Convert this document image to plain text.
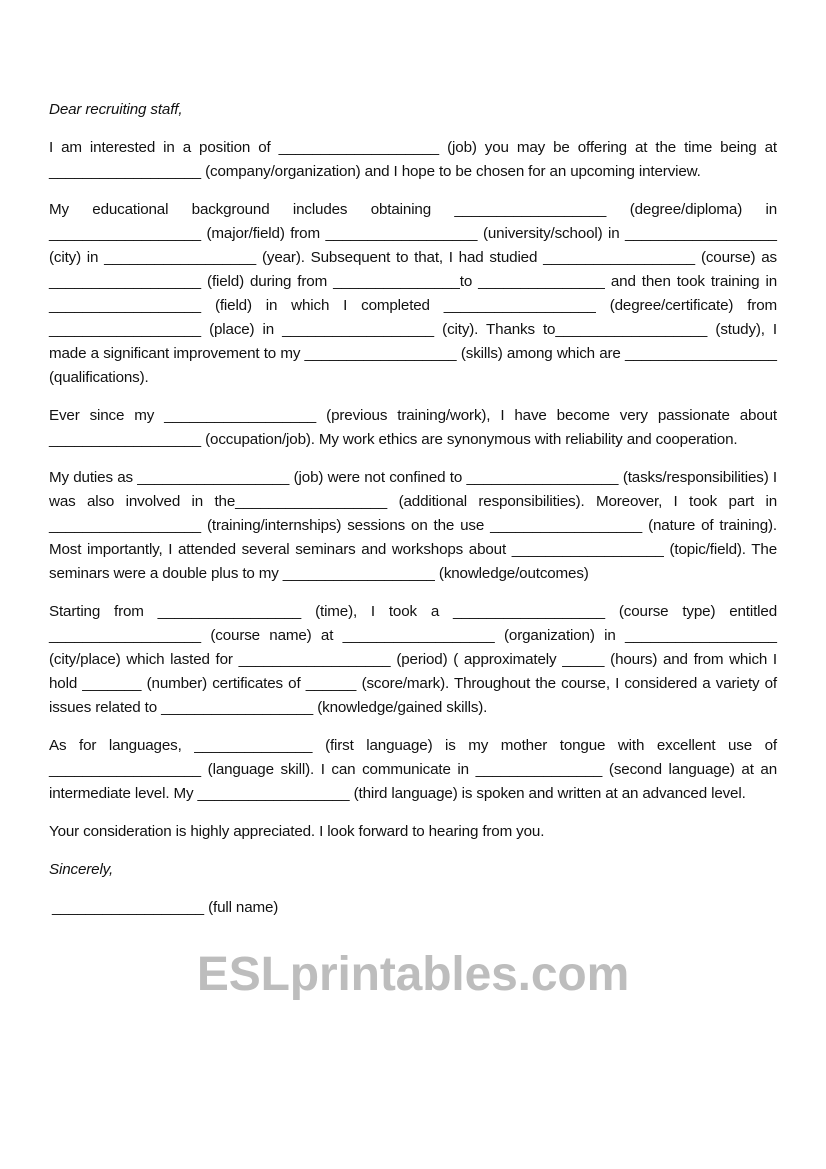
Dear recruiting staff,

I am interested in a position of ___________________ (job) you may be offering at the time being at __________________ (company/organization) and I hope to be chosen for an upcoming interview.

My educational background includes obtaining __________________ (degree/diploma) in __________________ (major/field) from __________________ (university/school) in __________________ (city) in __________________ (year). Subsequent to that, I had studied __________________ (course) as __________________ (field) during from _______________to _______________ and then took training in __________________ (field) in which I completed __________________ (degree/certificate) from __________________ (place) in __________________ (city). Thanks to__________________ (study), I made a significant improvement to my __________________ (skills) among which are __________________ (qualifications).

Ever since my __________________ (previous training/work), I have become very passionate about __________________ (occupation/job). My work ethics are synonymous with reliability and cooperation.

My duties as __________________ (job) were not confined to __________________ (tasks/responsibilities) I was also involved in the__________________ (additional responsibilities). Moreover, I took part in __________________ (training/internships) sessions on the use __________________ (nature of training). Most importantly, I attended several seminars and workshops about __________________ (topic/field). The seminars were a double plus to my __________________ (knowledge/outcomes)

Starting from _________________ (time), I took a __________________ (course type) entitled __________________ (course name) at __________________ (organization) in __________________ (city/place) which lasted for __________________ (period) ( approximately _____ (hours) and from which I hold _______ (number) certificates of ______ (score/mark). Throughout the course, I considered a variety of issues related to __________________ (knowledge/gained skills).

As for languages, ______________ (first language) is my mother tongue with excellent use of __________________ (language skill). I can communicate in _______________ (second language) at an intermediate level. My __________________ (third language) is spoken and written at an advanced level.

Your consideration is highly appreciated. I look forward to hearing from you.

Sincerely,

__________________ (full name)

ESLprintables.com
